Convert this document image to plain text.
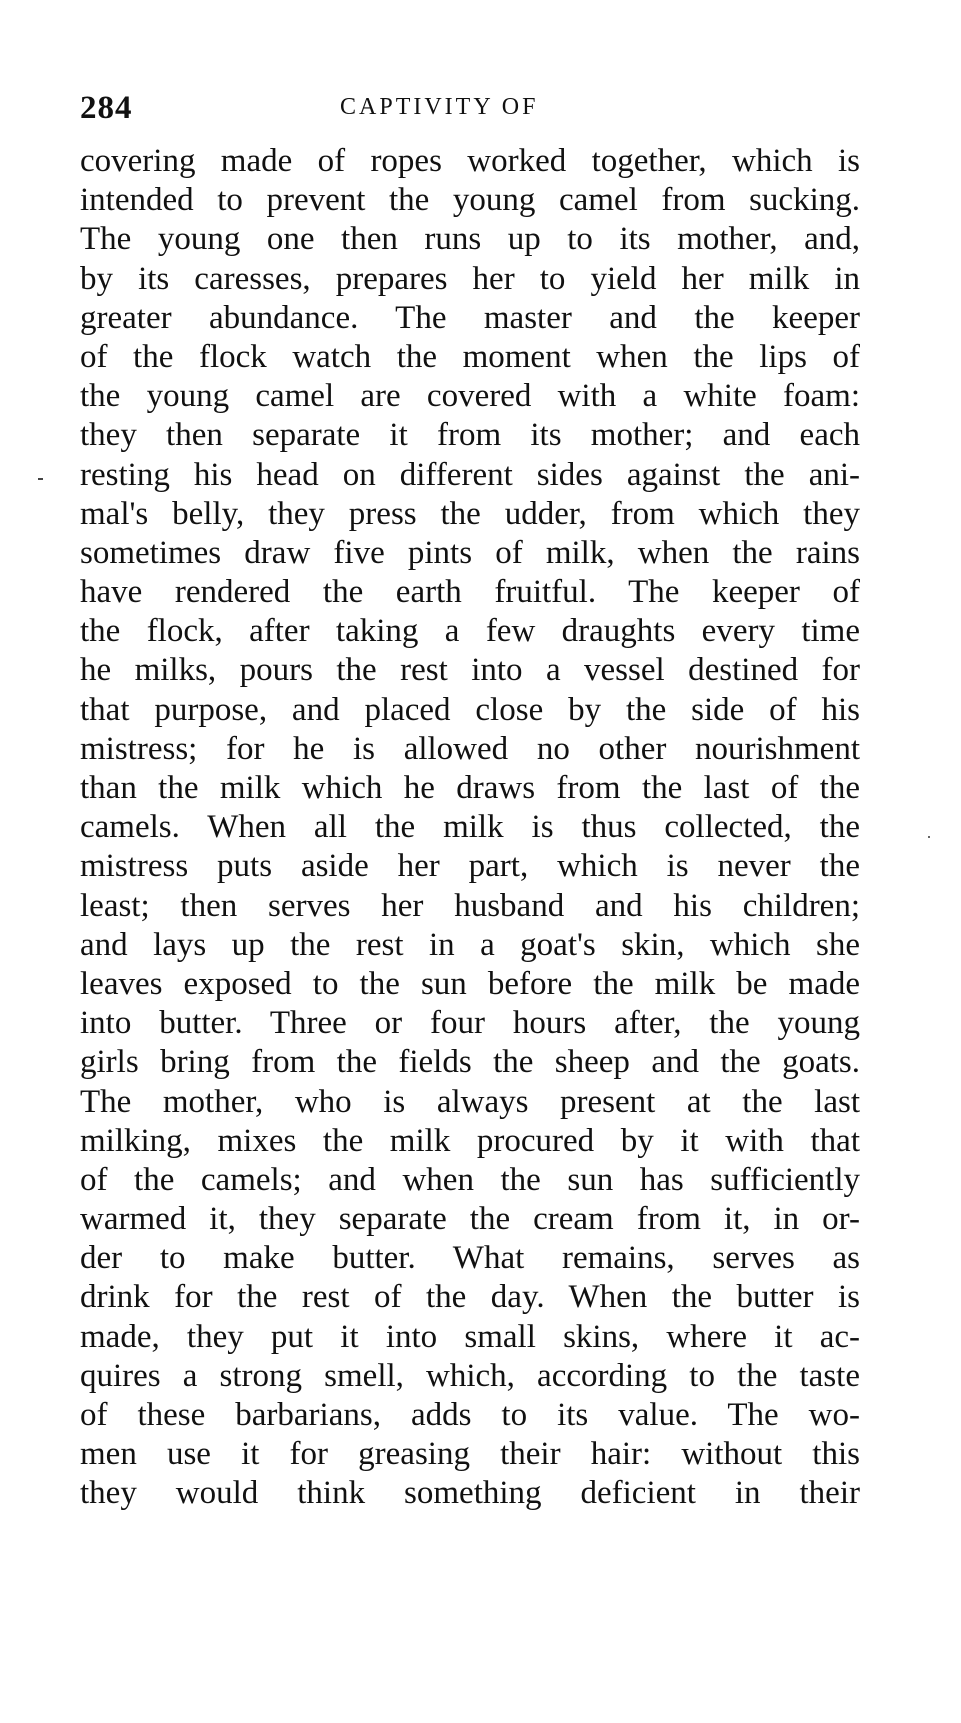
284	CAPTIVITY OF
covering made of ropes worked together, which is
intended to prevent the young camel from sucking.
The young one then runs up to its mother, and,
by its caresses, prepares her to yield her milk in
greater abundance. The master and the keeper
of the flock watch the moment when the lips of
the young camel are covered with a white foam:
they then separate it from its mother; and each
resting his head on different sides against the ani-
mal's belly, they press the udder, from which they
sometimes draw five pints of milk, when the rains
have rendered the earth fruitful. The keeper of
the flock, after taking a few draughts every time
he milks, pours the rest into a vessel destined for
that purpose, and placed close by the side of his
mistress; for he is allowed no other nourishment
than the milk which he draws from the last of the
camels. When all the milk is thus collected, the
mistress puts aside her part, which is never the
least; then serves her husband and his children;
and lays up the rest in a goat's skin, which she
leaves exposed to the sun before the milk be made
into butter. Three or four hours after, the young
girls bring from the fields the sheep and the goats.
The mother, who is always present at the last
milking, mixes the milk procured by it with that
of the camels; and when the sun has sufficiently
warmed it, they separate the cream from it, in or-
der to make butter. What remains, serves as
drink for the rest of the day. When the butter is
made, they put it into small skins, where it ac-
quires a strong smell, which, according to the taste
of these barbarians, adds to its value. The wo-
men use it for greasing their hair: without this
they would think something deficient in their
